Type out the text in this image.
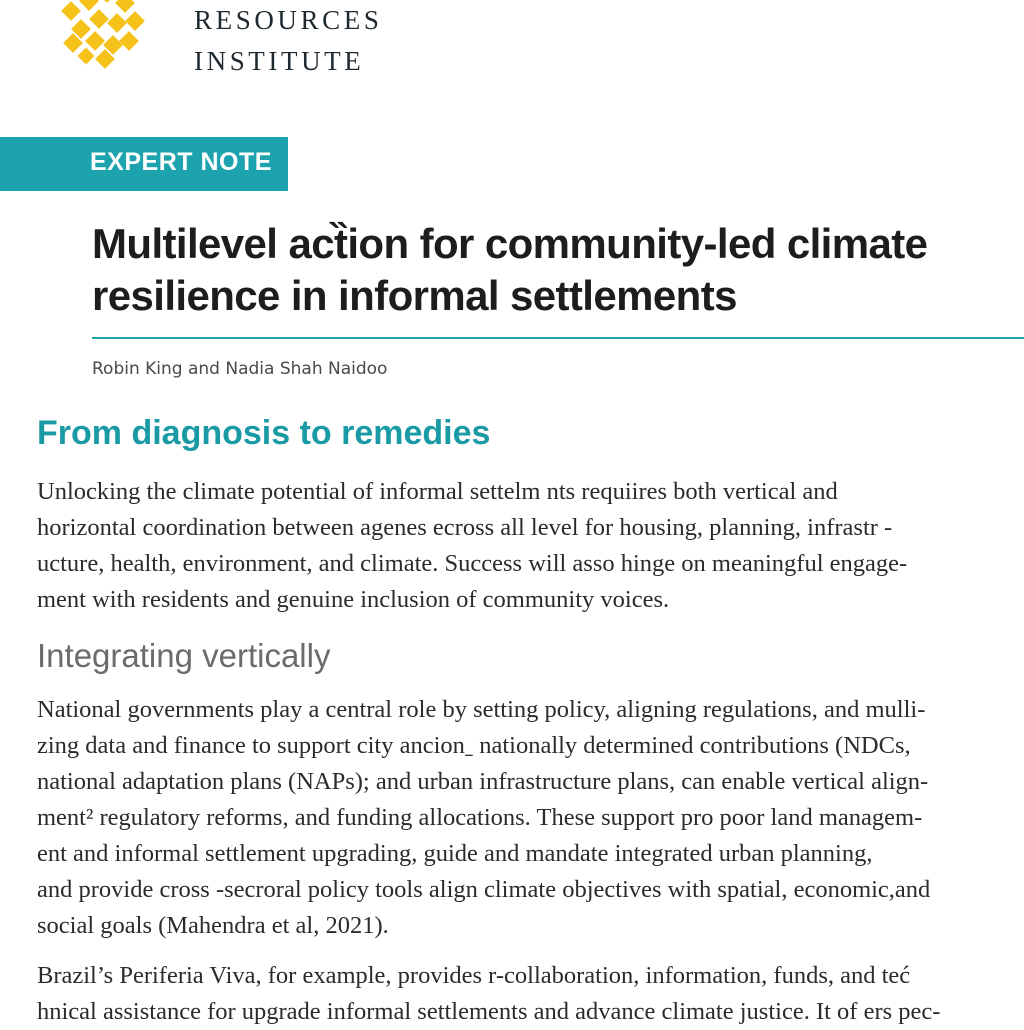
RESOURCES
INSTITUTE
EXPERT NOTE
Multilevel act̏ion for community-led climate
resilience in informal settlements
Robin King and Nadia Shah Naidoo
From diagnosis to remedies

Unlocking the climate potential of informal settelm nts requiires both vertical and
horizontal coordination between agenes ecross all level for housing, planning, infrastr -
ucture, health, environment, and climate. Success will asso hinge on meaningful engage-
ment with residents and genuine inclusion of community voices.

Integrating vertically

National governments play a central role by setting policy, aligning regulations, and mulli-
zing data and finance to support city ancionˍ nationally determined contributions (NDCs,
national adaptation plans (NAPs); and urban infrastructure plans, can enable vertical align-
ment² regulatory reforms, and funding allocations. These support pro poor land managem-
ent and informal settlement upgrading, guide and mandate integrated urban planning,
and provide cross -secroral policy tools align climate objectives with spatial, economic,and
social goals (Mahendra et al, 2021).

Brazil’s Periferia Viva, for example, provides r-collaboration, information, funds, and teć
hnical assistance for upgrade informal settlements and advance climate justice. It of ers pec-
